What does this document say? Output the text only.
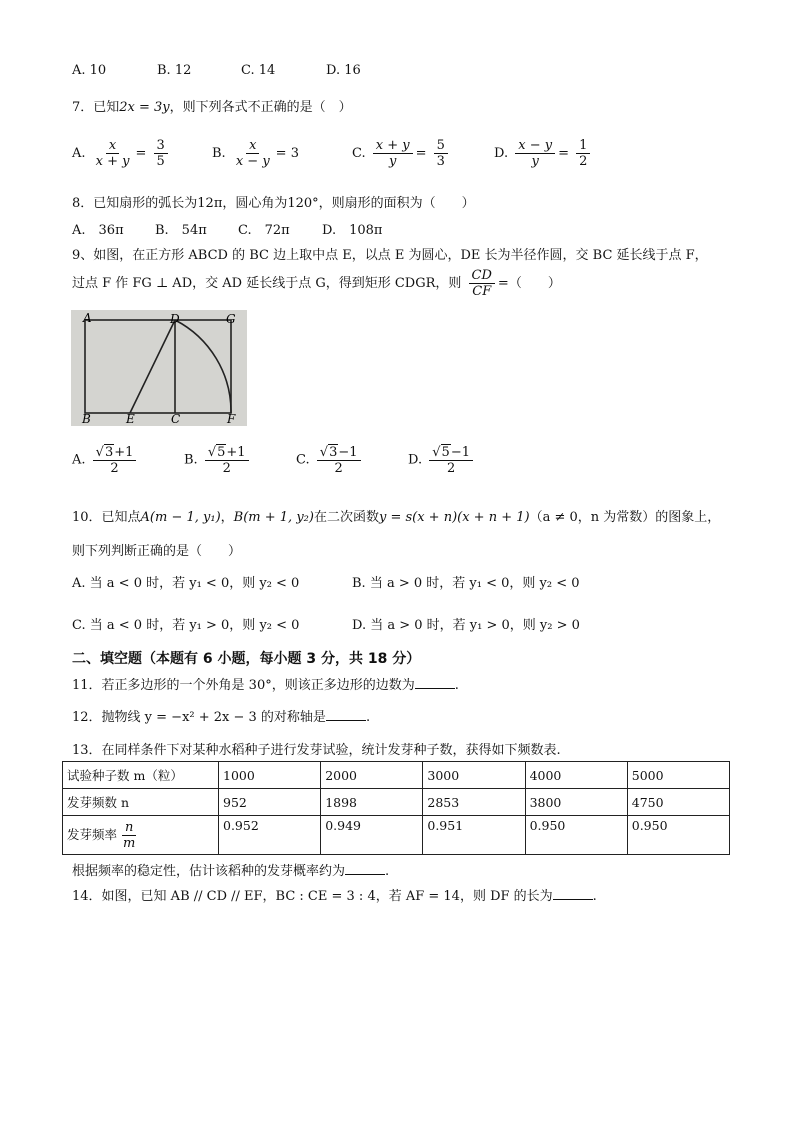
A. 10	B. 12	C. 14	D. 16
7．已知2x = 3y，则下列各式不正确的是（　）
A. $\frac{x}{x + y} = \frac{3}{5}$	B. $\frac{x}{x - y} = 3$	C. $\frac{x + y}{y} = \frac{5}{3}$	D. $\frac{x - y}{y} = \frac{1}{2}$
8．已知扇形的弧长为12π，圆心角为120°，则扇形的面积为（　　）
A.　36π B.　54π C.　72π D.　108π
9、如图，在正方形 ABCD 的 BC 边上取中点 E，以点 E 为圆心，DE 长为半径作圆，交 BC 延长线于点 F，
过点 F 作 FG ⊥ AD，交 AD 延长线于点 G，得到矩形 CDGR，则 $\frac{CD}{CF}$ =（　　）
A	D	G
B	E	C	F
A. $\frac{√3+1}{2}$	B. $\frac{√5+1}{2}$	C. $\frac{√3-1}{2}$	D. $\frac{√5-1}{2}$
10．已知点A(m − 1, y₁)，B(m + 1, y₂)在二次函数y = s(x + n)(x + n + 1)（a ≠ 0，n 为常数）的图象上，
则下列判断正确的是（　　）
A. 当 a < 0 时，若 y₁ < 0，则 y₂ < 0	B. 当 a > 0 时，若 y₁ < 0，则 y₂ < 0
C. 当 a < 0 时，若 y₁ > 0，则 y₂ < 0	D. 当 a > 0 时，若 y₁ > 0，则 y₂ > 0
二、填空题（本题有 6 小题，每小题 3 分，共 18 分）
11．若正多边形的一个外角是 30°，则该正多边形的边数为	.
12．抛物线 y = −x² + 2x − 3 的对称轴是	.
13．在同样条件下对某种水稻种子进行发芽试验，统计发芽种子数，获得如下频数表.
试验种子数 m（粒）	1000	2000	3000	4000	5000
发芽频数 n	952	1898	2853	3800	4750
发芽频率 $\frac{n}{m}$	0.952	0.949	0.951	0.950	0.950
根据频率的稳定性，估计该稻种的发芽概率约为	.
14．如图，已知 AB // CD // EF，BC : CE = 3 : 4，若 AF = 14，则 DF 的长为	.
